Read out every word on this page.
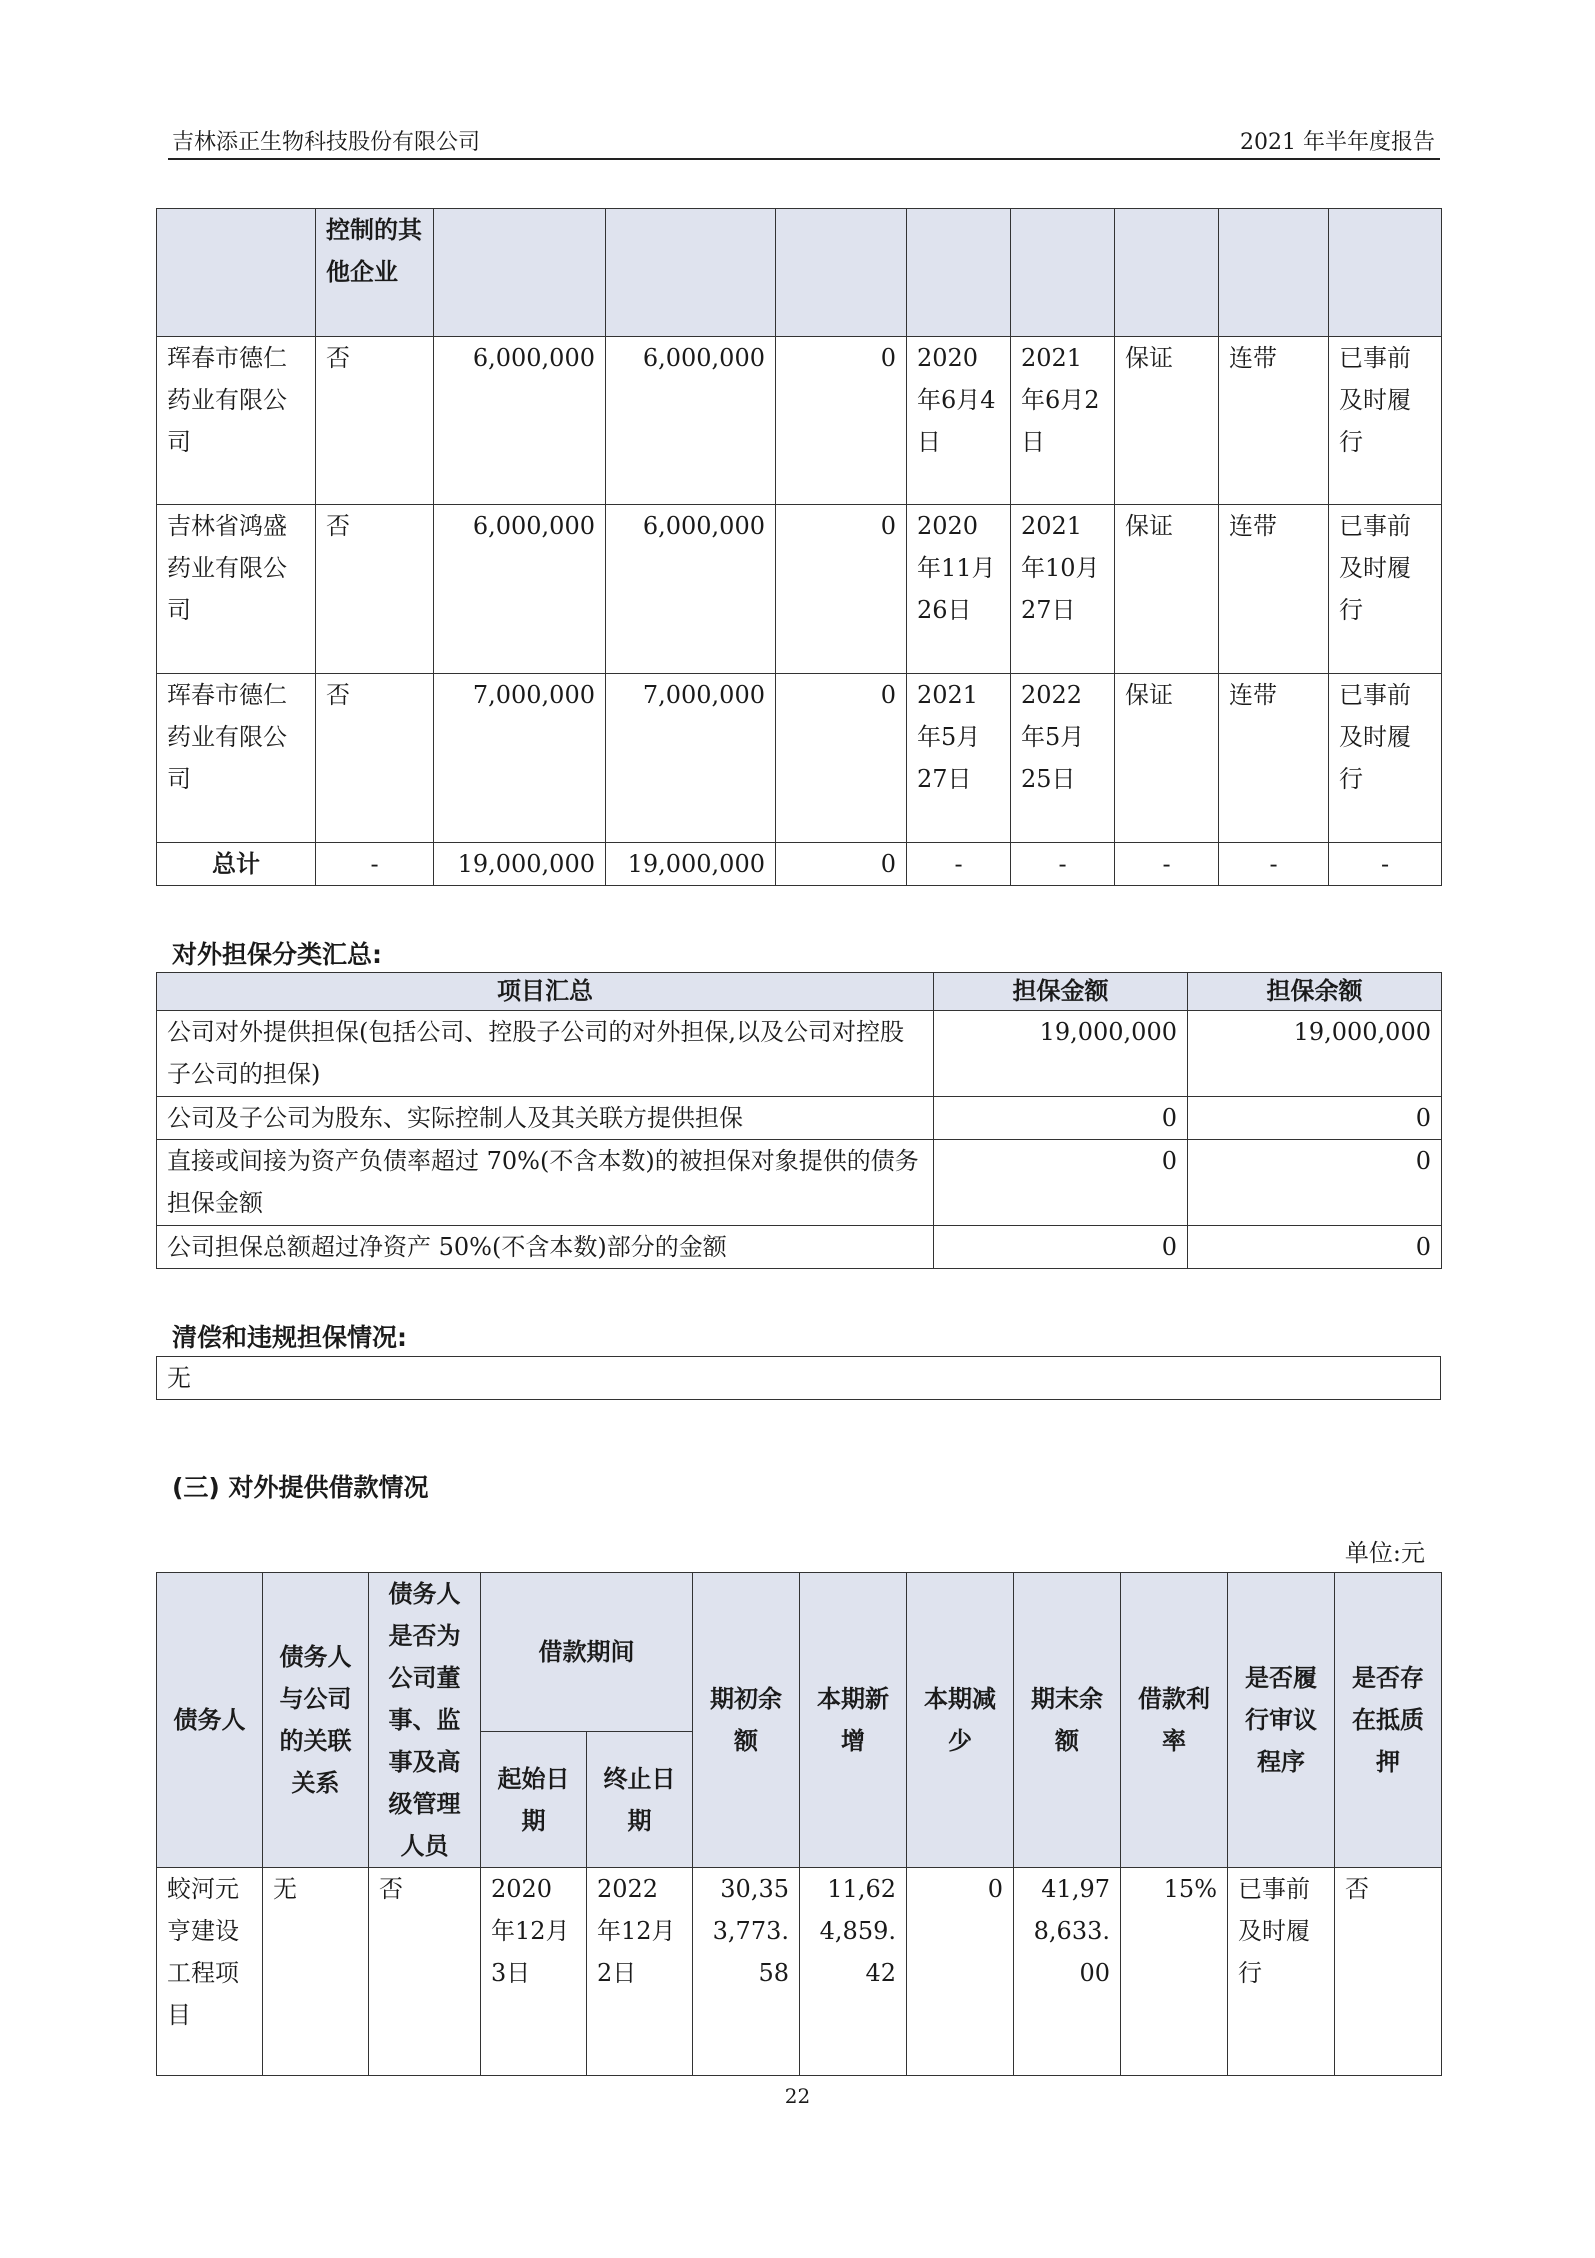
吉林添正生物科技股份有限公司	2021 年半年度报告
	控制的其他企业								
珲春市德仁药业有限公司	否	6,000,000	6,000,000	0	2020年6月4日	2021年6月2日	保证	连带	已事前及时履行
吉林省鸿盛药业有限公司	否	6,000,000	6,000,000	0	2020年11月26日	2021年10月27日	保证	连带	已事前及时履行
珲春市德仁药业有限公司	否	7,000,000	7,000,000	0	2021年5月27日	2022年5月25日	保证	连带	已事前及时履行
总计	-	19,000,000	19,000,000	0	-	-	-	-	-
对外担保分类汇总:
项目汇总	担保金额	担保余额
公司对外提供担保(包括公司、控股子公司的对外担保,以及公司对控股子公司的担保)	19,000,000	19,000,000
公司及子公司为股东、实际控制人及其关联方提供担保	0	0
直接或间接为资产负债率超过 70%(不含本数)的被担保对象提供的债务担保金额	0	0
公司担保总额超过净资产 50%(不含本数)部分的金额	0	0
清偿和违规担保情况:
无
(三) 对外提供借款情况
单位:元
债务人	债务人与公司的关联关系	债务人是否为公司董事、监事及高级管理人员	借款期间		期初余额	本期新增	本期减少	期末余额	借款利率	是否履行审议程序	是否存在抵质押
			起始日期	终止日期							
蛟河元亨建设工程项目	无	否	2020年12月3日	2022年12月2日	30,353,773.58	11,624,859.42	0	41,978,633.00	15%	已事前及时履行	否
22
